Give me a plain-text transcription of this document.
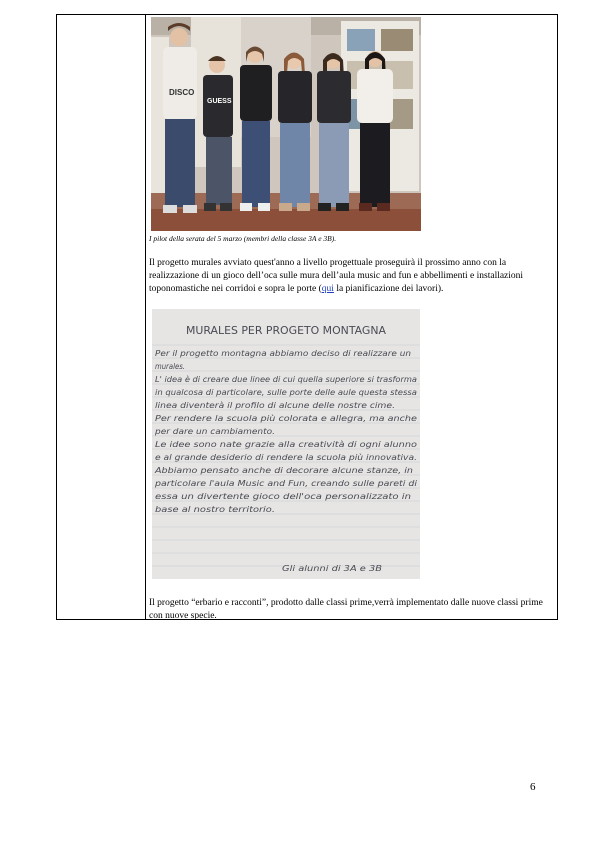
DISCO
GUESS
I pilot della serata del 5 marzo (membri della classe 3A e 3B).
Il progetto murales avviato quest'anno a livello progettuale proseguirà il prossimo anno con la realizzazione di un gioco dell’oca sulle mura dell’aula music and fun e abbellimenti e installazioni toponomastiche nei corridoi e sopra le porte (qui la pianificazione dei lavori).
MURALES PER PROGETO MONTAGNA
Per il progetto montagna abbiamo deciso di realizzare un
murales.
L' idea è di creare due linee di cui quella superiore si trasforma
in qualcosa di particolare, sulle porte delle aule questa stessa
linea diventerà il profilo di alcune delle nostre cime.
Per rendere la scuola più colorata e allegra, ma anche
per dare un cambiamento.
Le idee sono nate grazie alla creatività di ogni alunno
e al grande desiderio di rendere la scuola più innovativa.
Abbiamo pensato anche di decorare alcune stanze, in
particolare l'aula Music and Fun, creando sulle pareti di
essa un divertente gioco dell'oca personalizzato in
base al nostro territorio.
Gli alunni di 3A e 3B
Il progetto “erbario e racconti”, prodotto dalle classi prime,verrà implementato dalle nuove classi prime con nuove specie.
6
